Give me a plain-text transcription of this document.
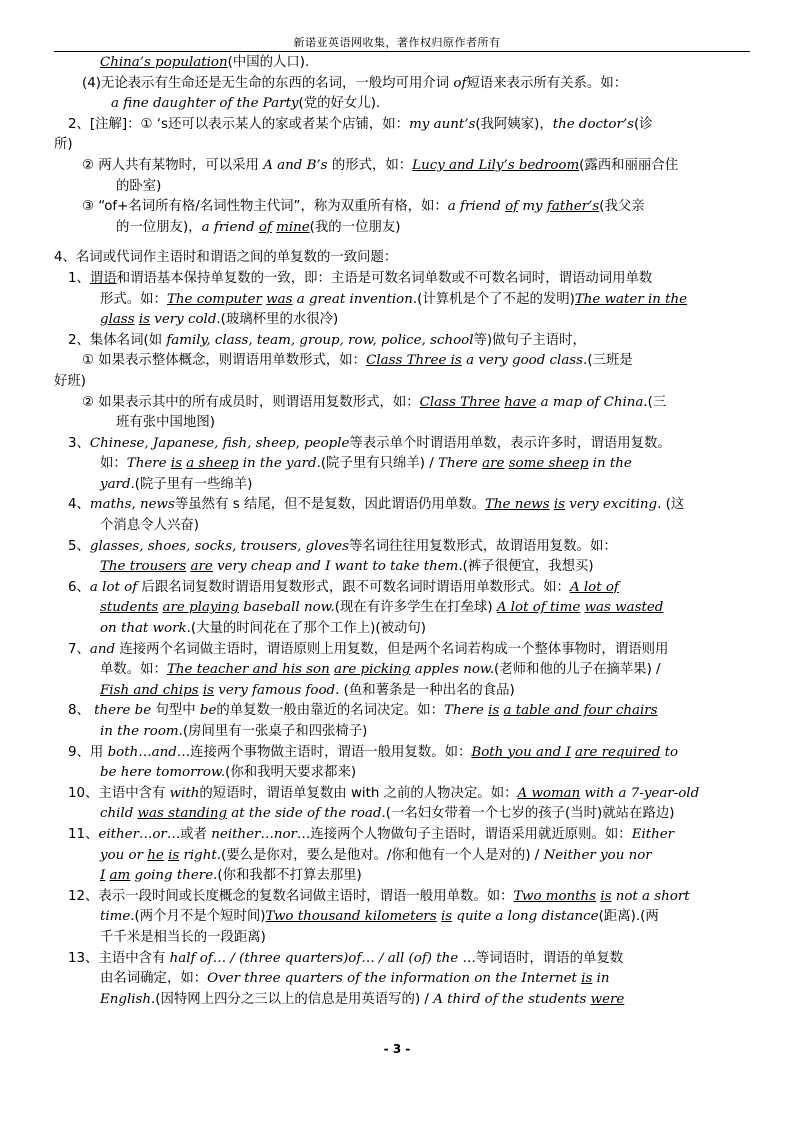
新诺亚英语网收集，著作权归原作者所有
China’s population(中国的人口).
(4)无论表示有生命还是无生命的东西的名词，一般均可用介词 of短语来表示所有关系。如：
a fine daughter of the Party(党的好女儿).
2、[注解]：① ‘s还可以表示某人的家或者某个店铺，如：my aunt’s(我阿姨家)，the doctor’s(诊
所)
② 两人共有某物时，可以采用 A and B’s 的形式，如：Lucy and Lily’s bedroom(露西和丽丽合住
的卧室)
③ “of+名词所有格/名词性物主代词”，称为双重所有格，如：a friend of my father’s(我父亲
的一位朋友)，a friend of mine(我的一位朋友)
4、名词或代词作主语时和谓语之间的单复数的一致问题：
1、谓语和谓语基本保持单复数的一致，即：主语是可数名词单数或不可数名词时，谓语动词用单数
形式。如：The computer was a great invention.(计算机是个了不起的发明)The water in the
glass is very cold.(玻璃杯里的水很冷)
2、集体名词(如 family, class, team, group, row, police, school等)做句子主语时，
① 如果表示整体概念，则谓语用单数形式，如：Class Three is a very good class.(三班是
好班)
② 如果表示其中的所有成员时，则谓语用复数形式，如：Class Three have a map of China.(三
班有张中国地图)
3、Chinese, Japanese, fish, sheep, people等表示单个时谓语用单数，表示许多时，谓语用复数。
如：There is a sheep in the yard.(院子里有只绵羊) / There are some sheep in the
yard.(院子里有一些绵羊)
4、maths, news等虽然有 s 结尾，但不是复数，因此谓语仍用单数。The news is very exciting. (这
个消息令人兴奋)
5、glasses, shoes, socks, trousers, gloves等名词往往用复数形式，故谓语用复数。如：
The trousers are very cheap and I want to take them.(裤子很便宜，我想买)
6、a lot of 后跟名词复数时谓语用复数形式，跟不可数名词时谓语用单数形式。如：A lot of
students are playing baseball now.(现在有许多学生在打垒球) A lot of time was wasted
on that work.(大量的时间花在了那个工作上)(被动句)
7、and 连接两个名词做主语时，谓语原则上用复数，但是两个名词若构成一个整体事物时，谓语则用
单数。如：The teacher and his son are picking apples now.(老师和他的儿子在摘苹果) /
Fish and chips is very famous food. (鱼和薯条是一种出名的食品)
8、 there be 句型中 be的单复数一般由靠近的名词决定。如：There is a table and four chairs
in the room.(房间里有一张桌子和四张椅子)
9、用 both…and…连接两个事物做主语时，谓语一般用复数。如：Both you and I are required to
be here tomorrow.(你和我明天要求都来)
10、主语中含有 with的短语时，谓语单复数由 with 之前的人物决定。如：A woman with a 7-year-old
child was standing at the side of the road.(一名妇女带着一个七岁的孩子(当时)就站在路边)
11、either…or…或者 neither…nor…连接两个人物做句子主语时，谓语采用就近原则。如：Either
you or he is right.(要么是你对，要么是他对。/你和他有一个人是对的) / Neither you nor
I am going there.(你和我都不打算去那里)
12、表示一段时间或长度概念的复数名词做主语时，谓语一般用单数。如：Two months is not a short
time.(两个月不是个短时间)Two thousand kilometers is quite a long distance(距离).(两
千千米是相当长的一段距离)
13、主语中含有 half of… / (three quarters)of… / all (of) the …等词语时，谓语的单复数
由名词确定，如：Over three quarters of the information on the Internet is in
English.(因特网上四分之三以上的信息是用英语写的) / A third of the students were
- 3 -
